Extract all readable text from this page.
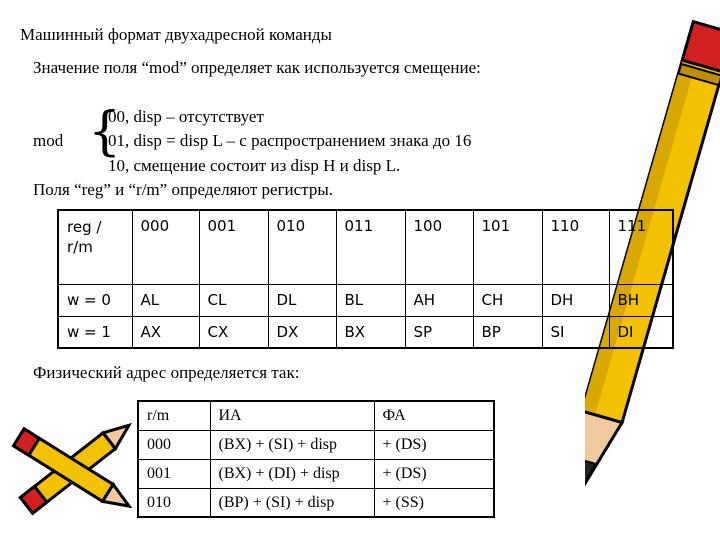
Машинный формат двухадресной команды
Значение поля “mod” определяет как используется смещение:
mod {
00, disp – отсутствует
01, disp = disp L – с распространением знака до 16
10, смещение состоит из disp H и disp L.
Поля “reg” и “r/m” определяют регистры.
reg / r/m	000	001	010	011	100	101	110	111
w = 0	AL	CL	DL	BL	AH	CH	DH	BH
w = 1	AX	CX	DX	BX	SP	BP	SI	DI
Физический адрес определяется так:
r/m	ИА	ФА
000	(BX) + (SI) + disp	+ (DS)
001	(BX) + (DI) + disp	+ (DS)
010	(BP) + (SI) + disp	+ (SS)
